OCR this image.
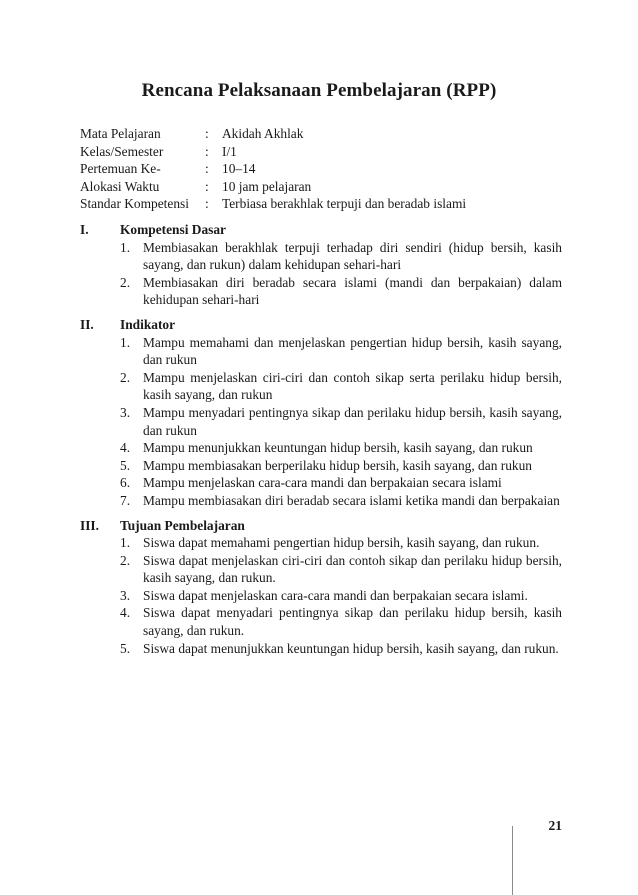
Rencana Pelaksanaan Pembelajaran (RPP)
Mata Pelajaran	: Akidah Akhlak
Kelas/Semester	: I/1
Pertemuan Ke-	: 10–14
Alokasi Waktu	: 10 jam pelajaran
Standar Kompetensi : Terbiasa berakhlak terpuji dan beradab islami
I. Kompetensi Dasar
1. Membiasakan berakhlak terpuji terhadap diri sendiri (hidup bersih, kasih sayang, dan rukun) dalam kehidupan sehari-hari
2. Membiasakan diri beradab secara islami (mandi dan berpakaian) dalam kehidupan sehari-hari
II. Indikator
1. Mampu memahami dan menjelaskan pengertian hidup bersih, kasih sayang, dan rukun
2. Mampu menjelaskan ciri-ciri dan contoh sikap serta perilaku hidup bersih, kasih sayang, dan rukun
3. Mampu menyadari pentingnya sikap dan perilaku hidup bersih, kasih sayang, dan rukun
4. Mampu menunjukkan keuntungan hidup bersih, kasih sayang, dan rukun
5. Mampu membiasakan berperilaku hidup bersih, kasih sayang, dan rukun
6. Mampu menjelaskan cara-cara mandi dan berpakaian secara islami
7. Mampu membiasakan diri beradab secara islami ketika mandi dan berpakaian
III. Tujuan Pembelajaran
1. Siswa dapat memahami pengertian hidup bersih, kasih sayang, dan rukun.
2. Siswa dapat menjelaskan ciri-ciri dan contoh sikap dan perilaku hidup bersih, kasih sayang, dan rukun.
3. Siswa dapat menjelaskan cara-cara mandi dan berpakaian secara islami.
4. Siswa dapat menyadari pentingnya sikap dan perilaku hidup bersih, kasih sayang, dan rukun.
5. Siswa dapat menunjukkan keuntungan hidup bersih, kasih sayang, dan rukun.
21
